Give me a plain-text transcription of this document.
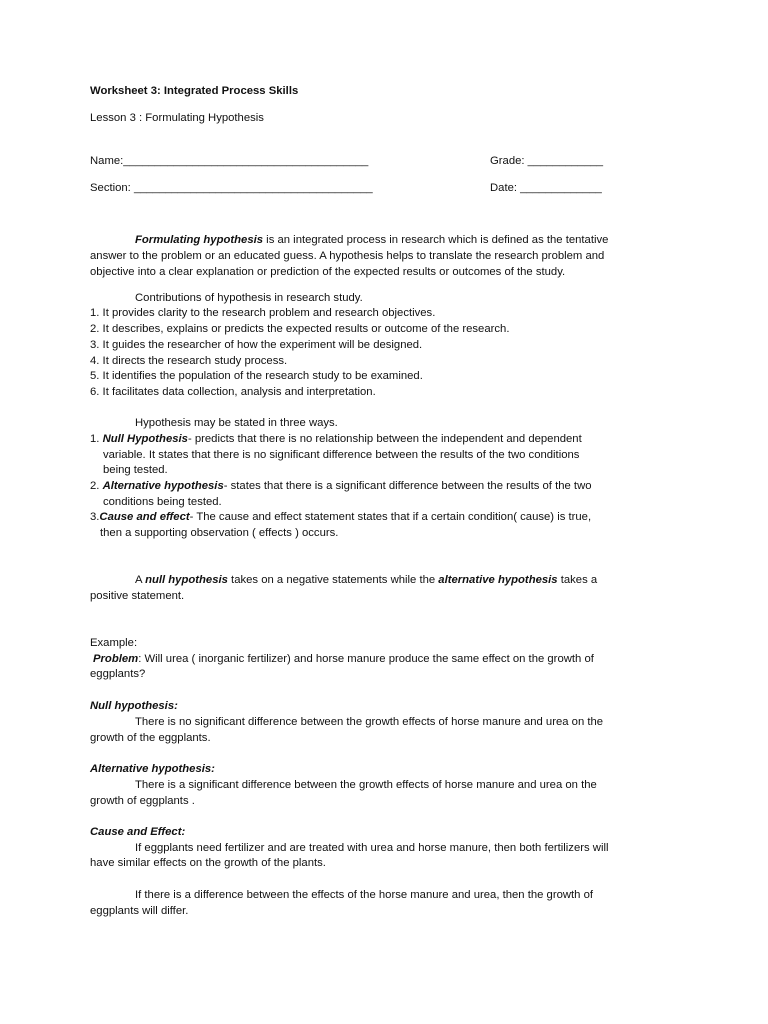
Worksheet 3: Integrated Process Skills
Lesson 3 : Formulating Hypothesis
Name:_______________________________________	Grade: ____________
Section: ______________________________________	Date: _____________
Formulating hypothesis is an integrated process in research which is defined as the tentative
answer to the problem or an educated guess. A hypothesis helps to translate the research problem and
objective into a clear explanation or prediction of the expected results or outcomes of the study.
Contributions of hypothesis in research study.
1. It provides clarity to the research problem and research objectives.
2. It describes, explains or predicts the expected results or outcome of the research.
3. It guides the researcher of how the experiment will be designed.
4. It directs the research study process.
5. It identifies the population of the research study to be examined.
6. It facilitates data collection, analysis and interpretation.
Hypothesis may be stated in three ways.
1. Null Hypothesis- predicts that there is no relationship between the independent and dependent
variable. It states that there is no significant difference between the results of the two conditions
being tested.
2. Alternative hypothesis- states that there is a significant difference between the results of the two
conditions being tested.
3.Cause and effect- The cause and effect statement states that if a certain condition( cause) is true,
then a supporting observation ( effects ) occurs.
A null hypothesis takes on a negative statements while the alternative hypothesis takes a
positive statement.
Example:
Problem: Will urea ( inorganic fertilizer) and horse manure produce the same effect on the growth of
eggplants?
Null hypothesis:
There is no significant difference between the growth effects of horse manure and urea on the
growth of the eggplants.
Alternative hypothesis:
There is a significant difference between the growth effects of horse manure and urea on the
growth of eggplants .
Cause and Effect:
If eggplants need fertilizer and are treated with urea and horse manure, then both fertilizers will
have similar effects on the growth of the plants.
If there is a difference between the effects of the horse manure and urea, then the growth of
eggplants will differ.
